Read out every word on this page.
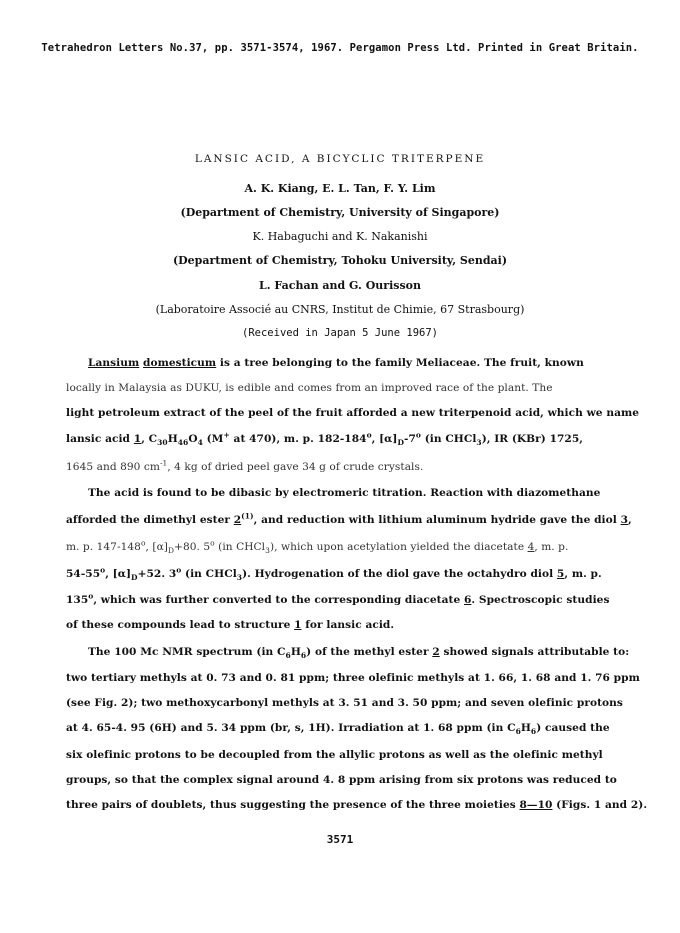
Tetrahedron Letters No.37, pp. 3571-3574, 1967. Pergamon Press Ltd. Printed in Great Britain.
LANSIC ACID, A BICYCLIC TRITERPENE
A. K. Kiang, E. L. Tan, F. Y. Lim
(Department of Chemistry, University of Singapore)
K. Habaguchi and K. Nakanishi
(Department of Chemistry, Tohoku University, Sendai)
L. Fachan and G. Ourisson
(Laboratoire Associé au CNRS, Institut de Chimie, 67 Strasbourg)
(Received in Japan 5 June 1967)
Lansium domesticum is a tree belonging to the family Meliaceae. The fruit, known
locally in Malaysia as DUKU, is edible and comes from an improved race of the plant. The
light petroleum extract of the peel of the fruit afforded a new triterpenoid acid, which we name
lansic acid 1, $C_{30}H_{46}O_4$ (M+ at 470), m. p. 182-184$^o$, $[\alpha]_D-7^o$ (in CHCl$_3$), IR (KBr) 1725,
1645 and 890 $cm^{-1}$, 4 kg of dried peel gave 34 g of crude crystals.
The acid is found to be dibasic by electromeric titration. Reaction with diazomethane
afforded the dimethyl ester 2$^{(1)}$, and reduction with lithium aluminum hydride gave the diol 3,
m. p. 147-148$^o$, $[\alpha]_D+80$. 5$^o$ (in CHCl$_3$), which upon acetylation yielded the diacetate 4, m. p.
54-55$^o$, $[\alpha]_D+52$. 3$^o$ (in CHCl$_3$). Hydrogenation of the diol gave the octahydro diol 5, m. p.
135$^o$, which was further converted to the corresponding diacetate 6. Spectroscopic studies
of these compounds lead to structure 1 for lansic acid.
The 100 Mc NMR spectrum (in $C_6H_6$) of the methyl ester 2 showed signals attributable to:
two tertiary methyls at 0. 73 and 0. 81 ppm; three olefinic methyls at 1. 66, 1. 68 and 1. 76 ppm
(see Fig. 2); two methoxycarbonyl methyls at 3. 51 and 3. 50 ppm; and seven olefinic protons
at 4. 65-4. 95 (6H) and 5. 34 ppm (br, s, 1H). Irradiation at 1. 68 ppm (in $C_6H_6$) caused the
six olefinic protons to be decoupled from the allylic protons as well as the olefinic methyl
groups, so that the complex signal around 4. 8 ppm arising from six protons was reduced to
three pairs of doublets, thus suggesting the presence of the three moieties 8—10 (Figs. 1 and 2).
3571
